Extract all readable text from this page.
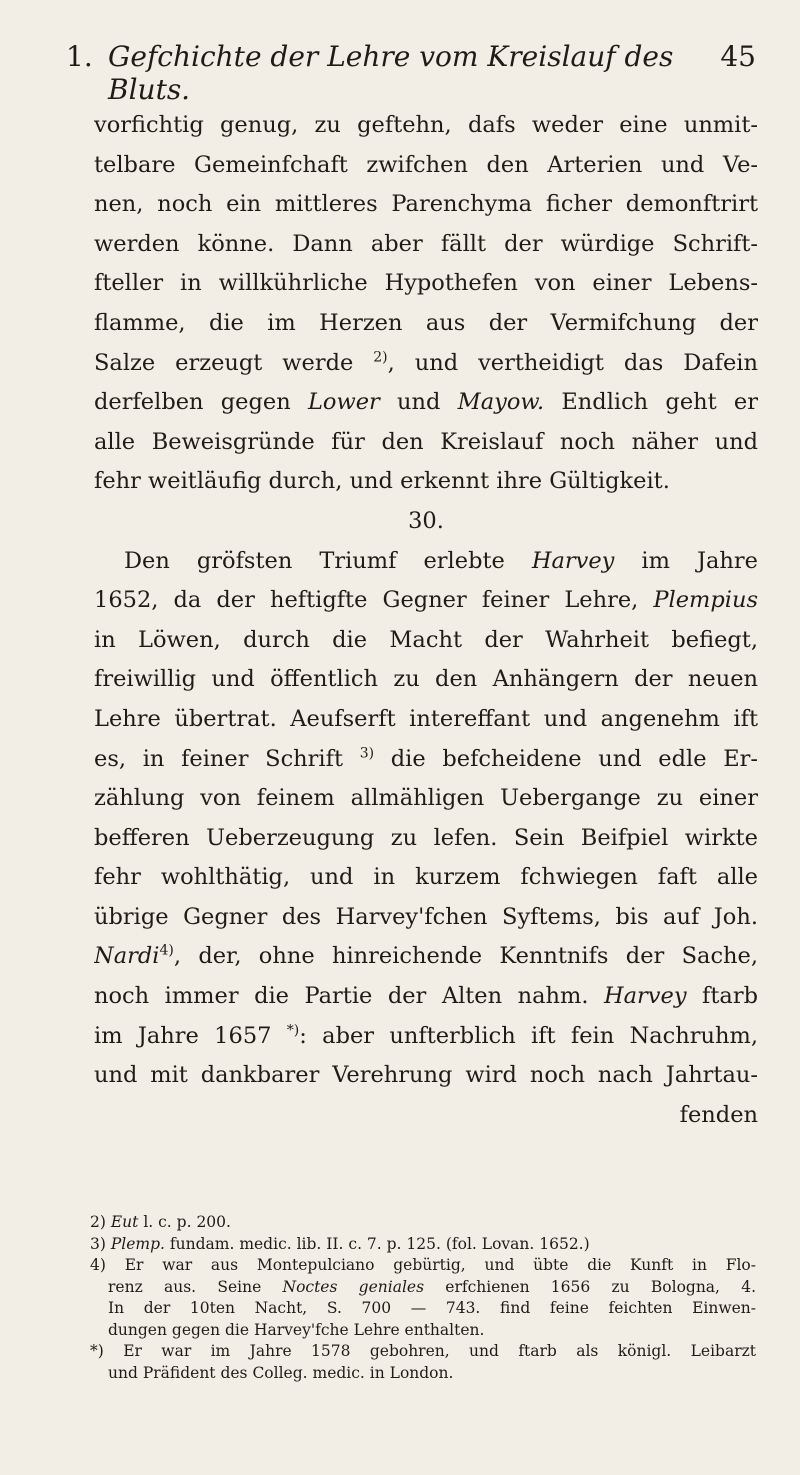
1. Gefchichte der Lehre vom Kreislauf des Bluts.
45
vorfichtig genug, zu geftehn, dafs weder eine unmit-
telbare Gemeinfchaft zwifchen den Arterien und Ve-
nen, noch ein mittleres Parenchyma ficher demonftrirt
werden könne. Dann aber fällt der würdige Schrift-
fteller in willkührliche Hypothefen von einer Lebens-
flamme, die im Herzen aus der Vermifchung der
Salze erzeugt werde $^{2)}$, und vertheidigt das Dafein
derfelben gegen Lower und Mayow. Endlich geht er
alle Beweisgründe für den Kreislauf noch näher und
fehr weitläufig durch, und erkennt ihre Gültigkeit.
30.
Den gröfsten Triumf erlebte Harvey im Jahre
1652, da der heftigfte Gegner feiner Lehre, Plempius
in Löwen, durch die Macht der Wahrheit befiegt,
freiwillig und öffentlich zu den Anhängern der neuen
Lehre übertrat. Aeufserft intereffant und angenehm ift
es, in feiner Schrift $^{3)}$ die befcheidene und edle Er-
zählung von feinem allmähligen Uebergange zu einer
befferen Ueberzeugung zu lefen. Sein Beifpiel wirkte
fehr wohlthätig, und in kurzem fchwiegen faft alle
übrige Gegner des Harvey'fchen Syftems, bis auf Joh.
Nardi$^{4)}$, der, ohne hinreichende Kenntnifs der Sache,
noch immer die Partie der Alten nahm. Harvey ftarb
im Jahre 1657 *): aber unfterblich ift fein Nachruhm,
und mit dankbarer Verehrung wird noch nach Jahrtau-
fenden
2) Eut l. c. p. 200.
3) Plemp. fundam. medic. lib. II. c. 7. p. 125. (fol. Lovan. 1652.)
4) Er war aus Montepulciano gebürtig, und übte die Kunft in Flo-
renz aus. Seine Noctes geniales erfchienen 1656 zu Bologna, 4.
In der 10ten Nacht, S. 700 — 743. find feine feichten Einwen-
dungen gegen die Harvey'fche Lehre enthalten.
*) Er war im Jahre 1578 gebohren, und ftarb als königl. Leibarzt
und Präfident des Colleg. medic. in London.
